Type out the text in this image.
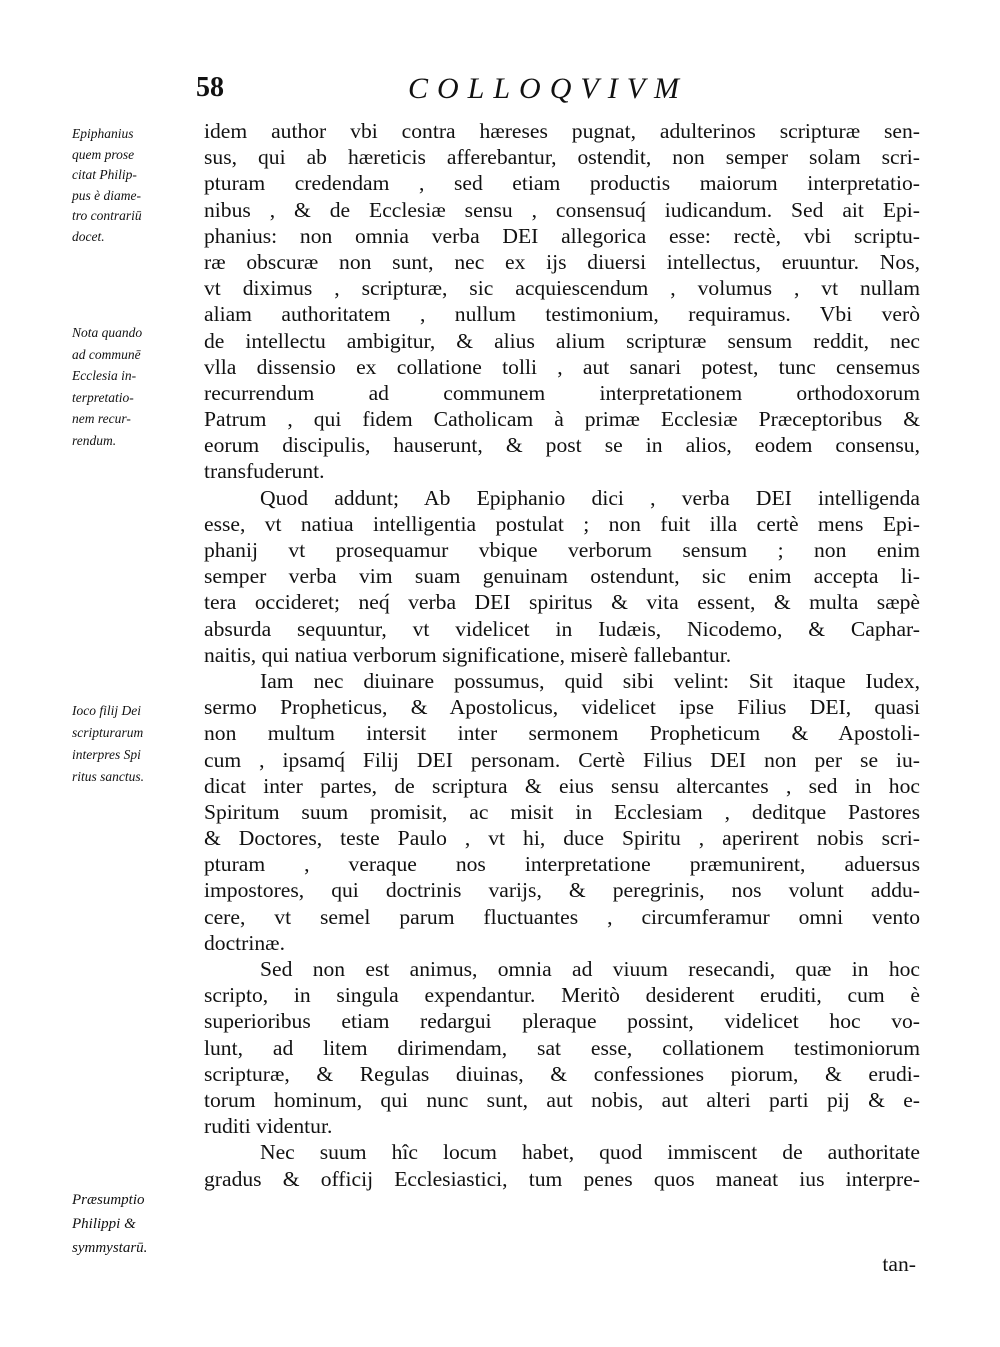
58	COLLOQVIVM
Epiphanius
quem prose
citat Philip-
pus è diame-
tro contrariū
docet.
Nota quando
ad communē
Ecclesia in-
terpretatio-
nem recur-
rendum.
Ioco filij Dei
scripturarum
interpres Spi
ritus sanctus.
Præsumptio
Philippi &
symmystarū.
idem author vbi contra hæreses pugnat, adulterinos scripturæ sen-
sus, qui ab hæreticis afferebantur, ostendit, non semper solam scri-
pturam credendam , sed etiam productis maiorum interpretatio-
nibus , & de Ecclesiæ sensu , consensuq́ iudicandum. Sed ait Epi-
phanius: non omnia verba DEI allegorica esse: rectè, vbi scriptu-
ræ obscuræ non sunt, nec ex ijs diuersi intellectus, eruuntur. Nos,
vt diximus , scripturæ, sic acquiescendum , volumus , vt nullam
aliam authoritatem , nullum testimonium, requiramus. Vbi verò
de intellectu ambigitur, & alius alium scripturæ sensum reddit, nec
vlla dissensio ex collatione tolli , aut sanari potest, tunc censemus
recurrendum ad communem interpretationem orthodoxorum
Patrum , qui fidem Catholicam à primæ Ecclesiæ Præceptoribus &
eorum discipulis, hauserunt, & post se in alios, eodem consensu,
transfuderunt.
Quod addunt; Ab Epiphanio dici , verba DEI intelligenda
esse, vt natiua intelligentia postulat ; non fuit illa certè mens Epi-
phanij vt prosequamur vbique verborum sensum ; non enim
semper verba vim suam genuinam ostendunt, sic enim accepta li-
tera occideret; neq́ verba DEI spiritus & vita essent, & multa sæpè
absurda sequuntur, vt videlicet in Iudæis, Nicodemo, & Caphar-
naitis, qui natiua verborum significatione, miserè fallebantur.
Iam nec diuinare possumus, quid sibi velint: Sit itaque Iudex,
sermo Propheticus, & Apostolicus, videlicet ipse Filius DEI, quasi
non multum intersit inter sermonem Propheticum & Apostoli-
cum , ipsamq́ Filij DEI personam. Certè Filius DEI non per se iu-
dicat inter partes, de scriptura & eius sensu altercantes , sed in hoc
Spiritum suum promisit, ac misit in Ecclesiam , deditque Pastores
& Doctores, teste Paulo , vt hi, duce Spiritu , aperirent nobis scri-
pturam , veraque nos interpretatione præmunirent, aduersus
impostores, qui doctrinis varijs, & peregrinis, nos volunt addu-
cere, vt semel parum fluctuantes , circumferamur omni vento
doctrinæ.
Sed non est animus, omnia ad viuum resecandi, quæ in hoc
scripto, in singula expendantur. Meritò desiderent eruditi, cum è
superioribus etiam redargui pleraque possint, videlicet hoc vo-
lunt, ad litem dirimendam, sat esse, collationem testimoniorum
scripturæ, & Regulas diuinas, & confessiones piorum, & erudi-
torum hominum, qui nunc sunt, aut nobis, aut alteri parti pij & e-
ruditi videntur.
Nec suum hîc locum habet, quod immiscent de authoritate
gradus & officij Ecclesiastici, tum penes quos maneat ius interpre-
tan-
